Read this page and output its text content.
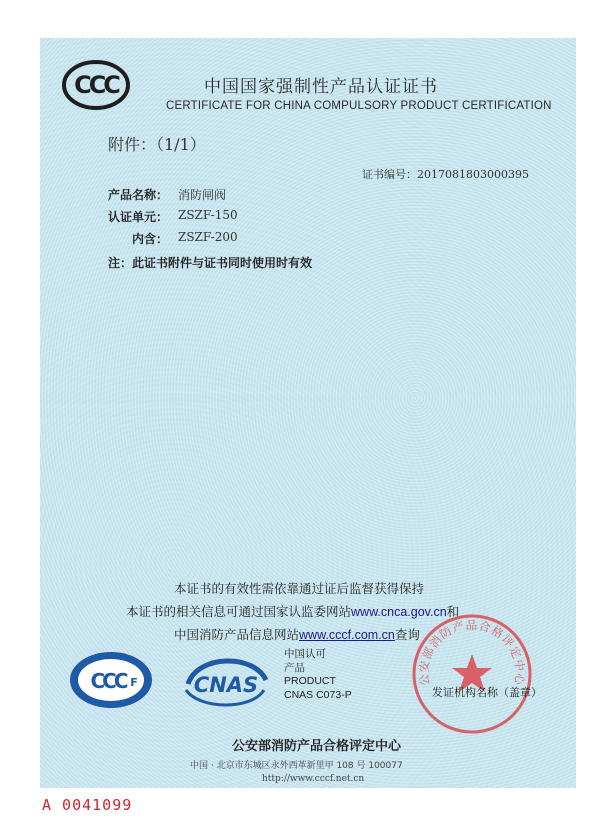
CCC	中国国家强制性产品认证证书
CERTIFICATE FOR CHINA COMPULSORY PRODUCT CERTIFICATION
附件：（1/1）
证书编号：2017081803000395
产品名称： 消防闸阀
认证单元： ZSZF-150
内含： ZSZF-200
注：此证书附件与证书同时使用时有效
本证书的有效性需依靠通过证后监督获得保持
本证书的相关信息可通过国家认监委网站www.cnca.gov.cn和
中国消防产品信息网站www.cccf.com.cn查询
CCC F	CNAS
中国认可
产品
PRODUCT
CNAS C073-P
公安部消防产品合格评定中心
发证机构名称（盖章）
公安部消防产品合格评定中心
中国 · 北京市东城区永外西革新里甲 108 号 100077
http://www.cccf.net.cn
A 0041099
